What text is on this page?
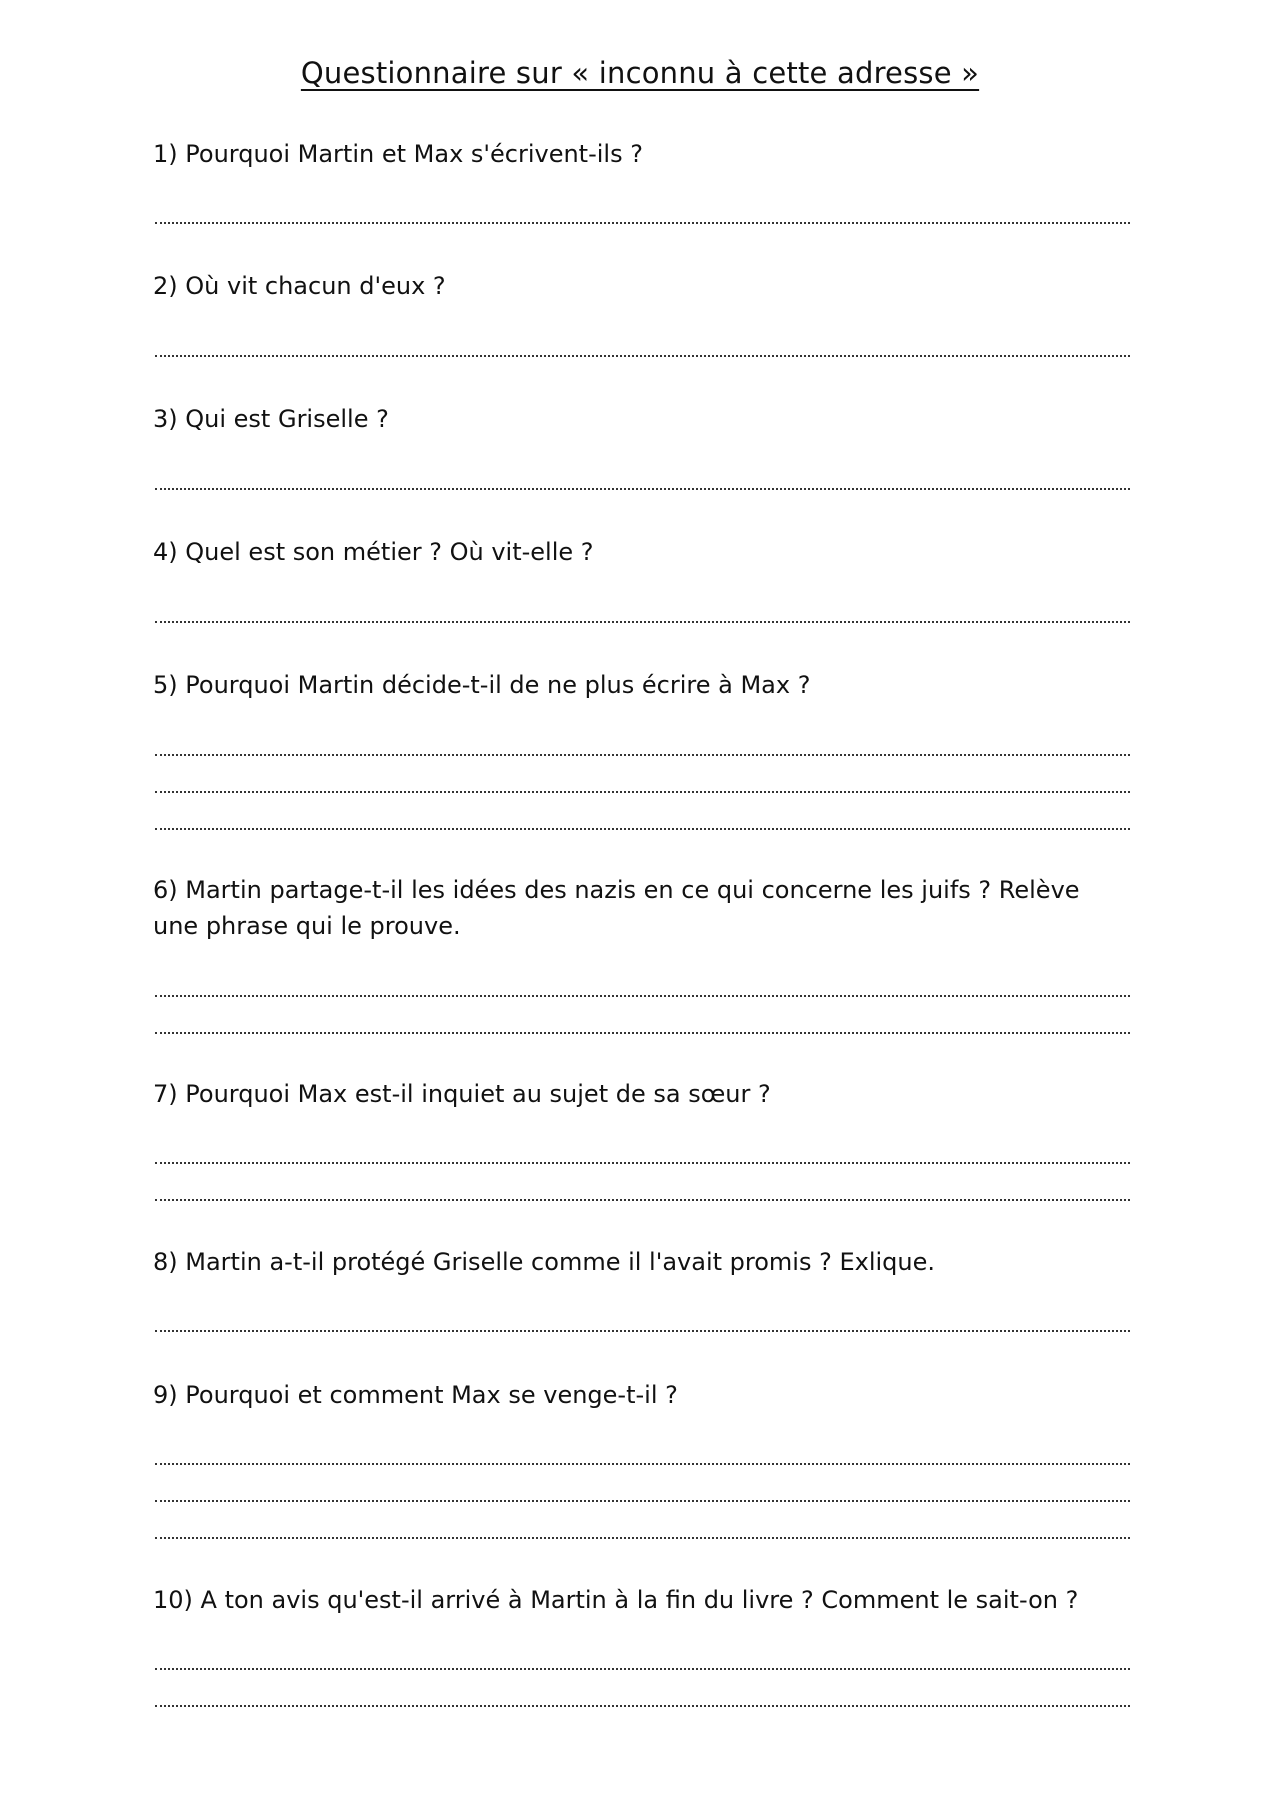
Questionnaire sur « inconnu à cette adresse »

1) Pourquoi Martin et Max s'écrivent-ils ?

2) Où vit chacun d'eux ?

3) Qui est Griselle ?

4) Quel est son métier ? Où vit-elle ?

5) Pourquoi Martin décide-t-il de ne plus écrire à Max ?

6) Martin partage-t-il les idées des nazis en ce qui concerne les juifs ? Relève une phrase qui le prouve.

7) Pourquoi Max est-il inquiet au sujet de sa sœur ?

8) Martin a-t-il protégé Griselle comme il l'avait promis ? Exlique.

9) Pourquoi et comment Max se venge-t-il ?

10) A ton avis qu'est-il arrivé à Martin à la fin du livre ? Comment le sait-on ?
